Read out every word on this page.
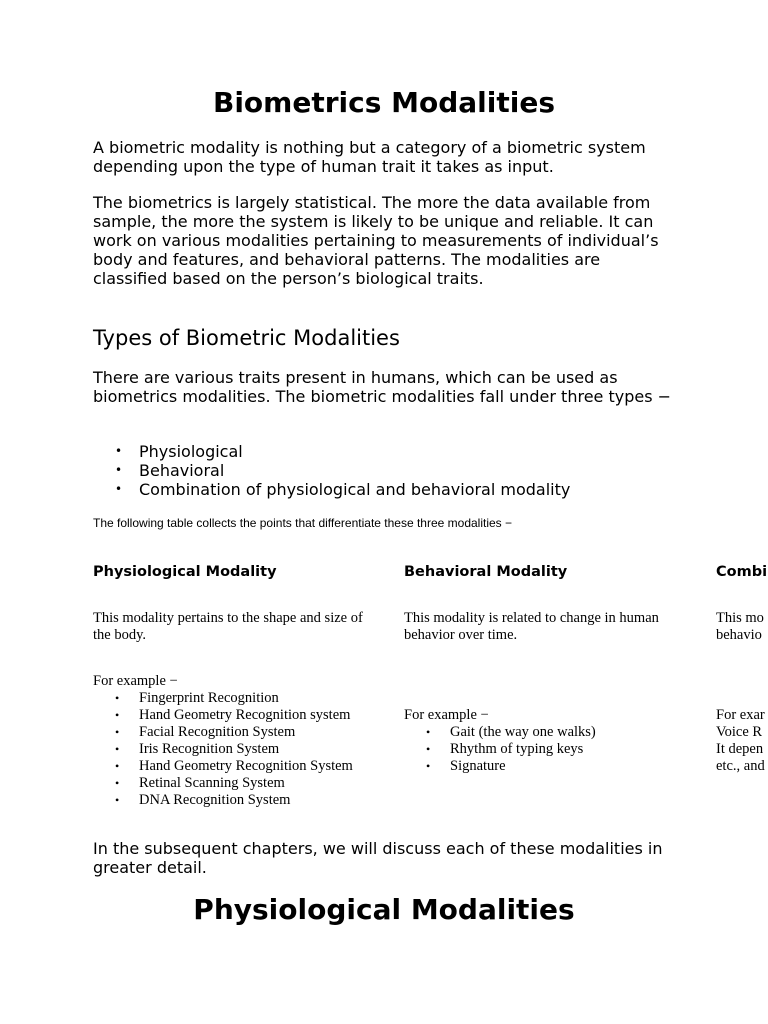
Biometrics Modalities

A biometric modality is nothing but a category of a biometric system depending upon the type of human trait it takes as input.

The biometrics is largely statistical. The more the data available from sample, the more the system is likely to be unique and reliable. It can work on various modalities pertaining to measurements of individual’s body and features, and behavioral patterns. The modalities are classified based on the person’s biological traits.

Types of Biometric Modalities

There are various traits present in humans, which can be used as biometrics modalities. The biometric modalities fall under three types −

• Physiological
• Behavioral
• Combination of physiological and behavioral modality

The following table collects the points that differentiate these three modalities −

Physiological Modality
This modality pertains to the shape and size of the body.
For example −
• Fingerprint Recognition
• Hand Geometry Recognition system
• Facial Recognition System
• Iris Recognition System
• Hand Geometry Recognition System
• Retinal Scanning System
• DNA Recognition System
Behavioral Modality
This modality is related to change in human behavior over time.
For example −
• Gait (the way one walks)
• Rhythm of typing keys
• Signature
Combi
This mo
behavio
For exar
Voice R
It depen
etc., and

In the subsequent chapters, we will discuss each of these modalities in greater detail.

Physiological Modalities
